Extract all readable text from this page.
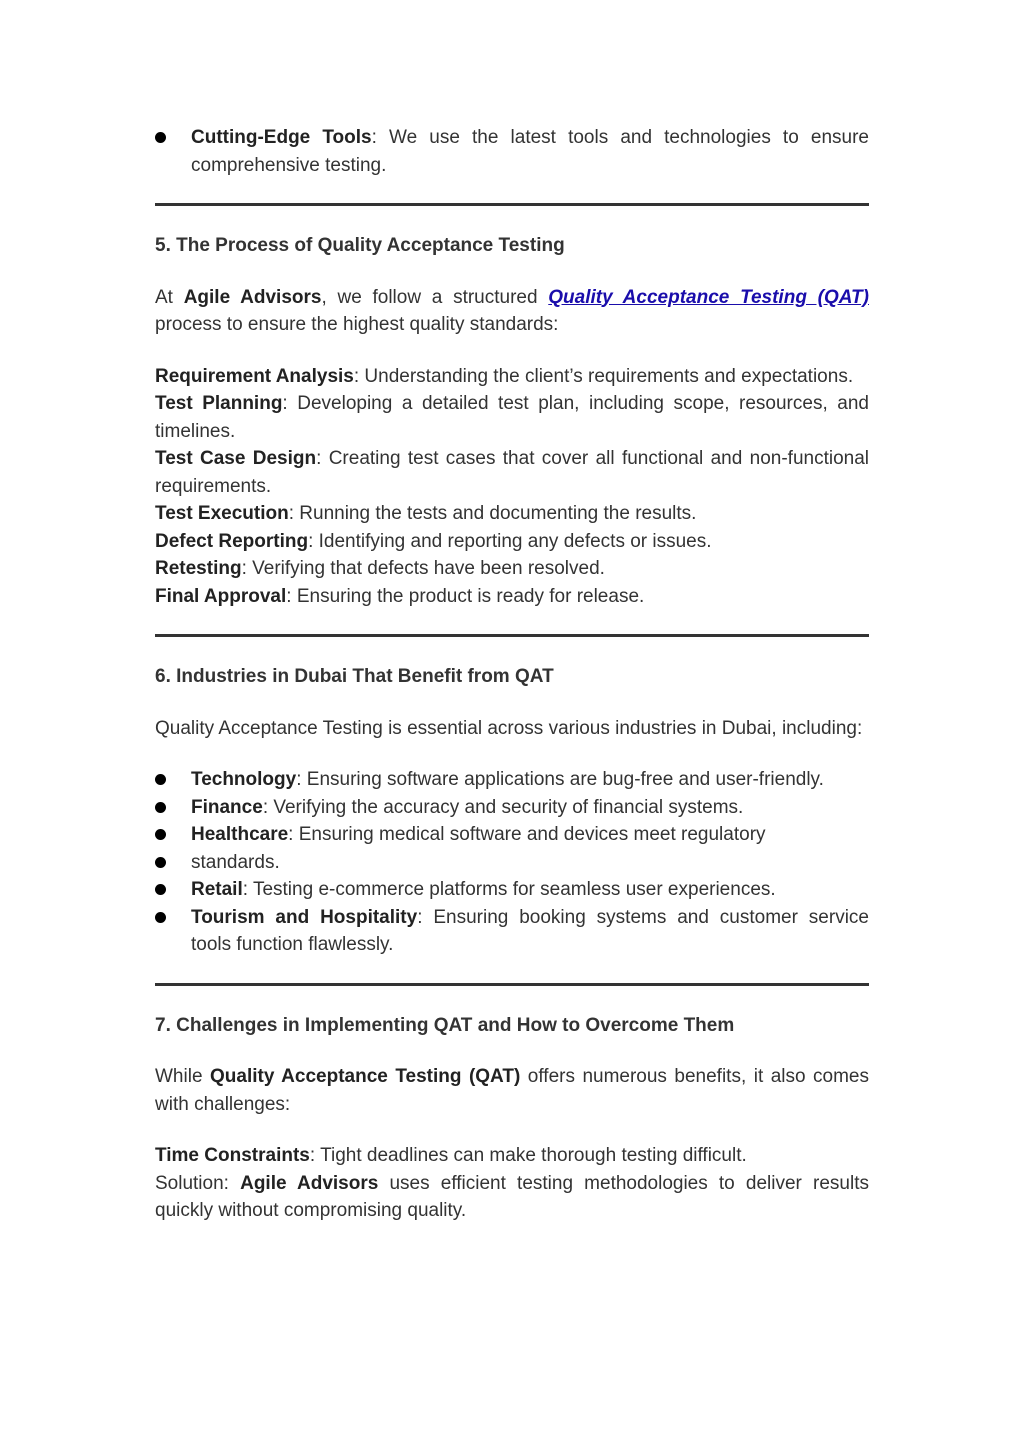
Cutting-Edge Tools: We use the latest tools and technologies to ensure comprehensive testing.
5. The Process of Quality Acceptance Testing

At Agile Advisors, we follow a structured Quality Acceptance Testing (QAT) process to ensure the highest quality standards:

Requirement Analysis: Understanding the client’s requirements and expectations.

Test Planning: Developing a detailed test plan, including scope, resources, and timelines.

Test Case Design: Creating test cases that cover all functional and non-functional requirements.

Test Execution: Running the tests and documenting the results.

Defect Reporting: Identifying and reporting any defects or issues.

Retesting: Verifying that defects have been resolved.

Final Approval: Ensuring the product is ready for release.

6. Industries in Dubai That Benefit from QAT

Quality Acceptance Testing is essential across various industries in Dubai, including:

Technology: Ensuring software applications are bug-free and user-friendly.
Finance: Verifying the accuracy and security of financial systems.
Healthcare: Ensuring medical software and devices meet regulatory
standards.
Retail: Testing e-commerce platforms for seamless user experiences.
Tourism and Hospitality: Ensuring booking systems and customer service tools function flawlessly.
7. Challenges in Implementing QAT and How to Overcome Them

While Quality Acceptance Testing (QAT) offers numerous benefits, it also comes with challenges:

Time Constraints: Tight deadlines can make thorough testing difficult.

Solution: Agile Advisors uses efficient testing methodologies to deliver results quickly without compromising quality.
